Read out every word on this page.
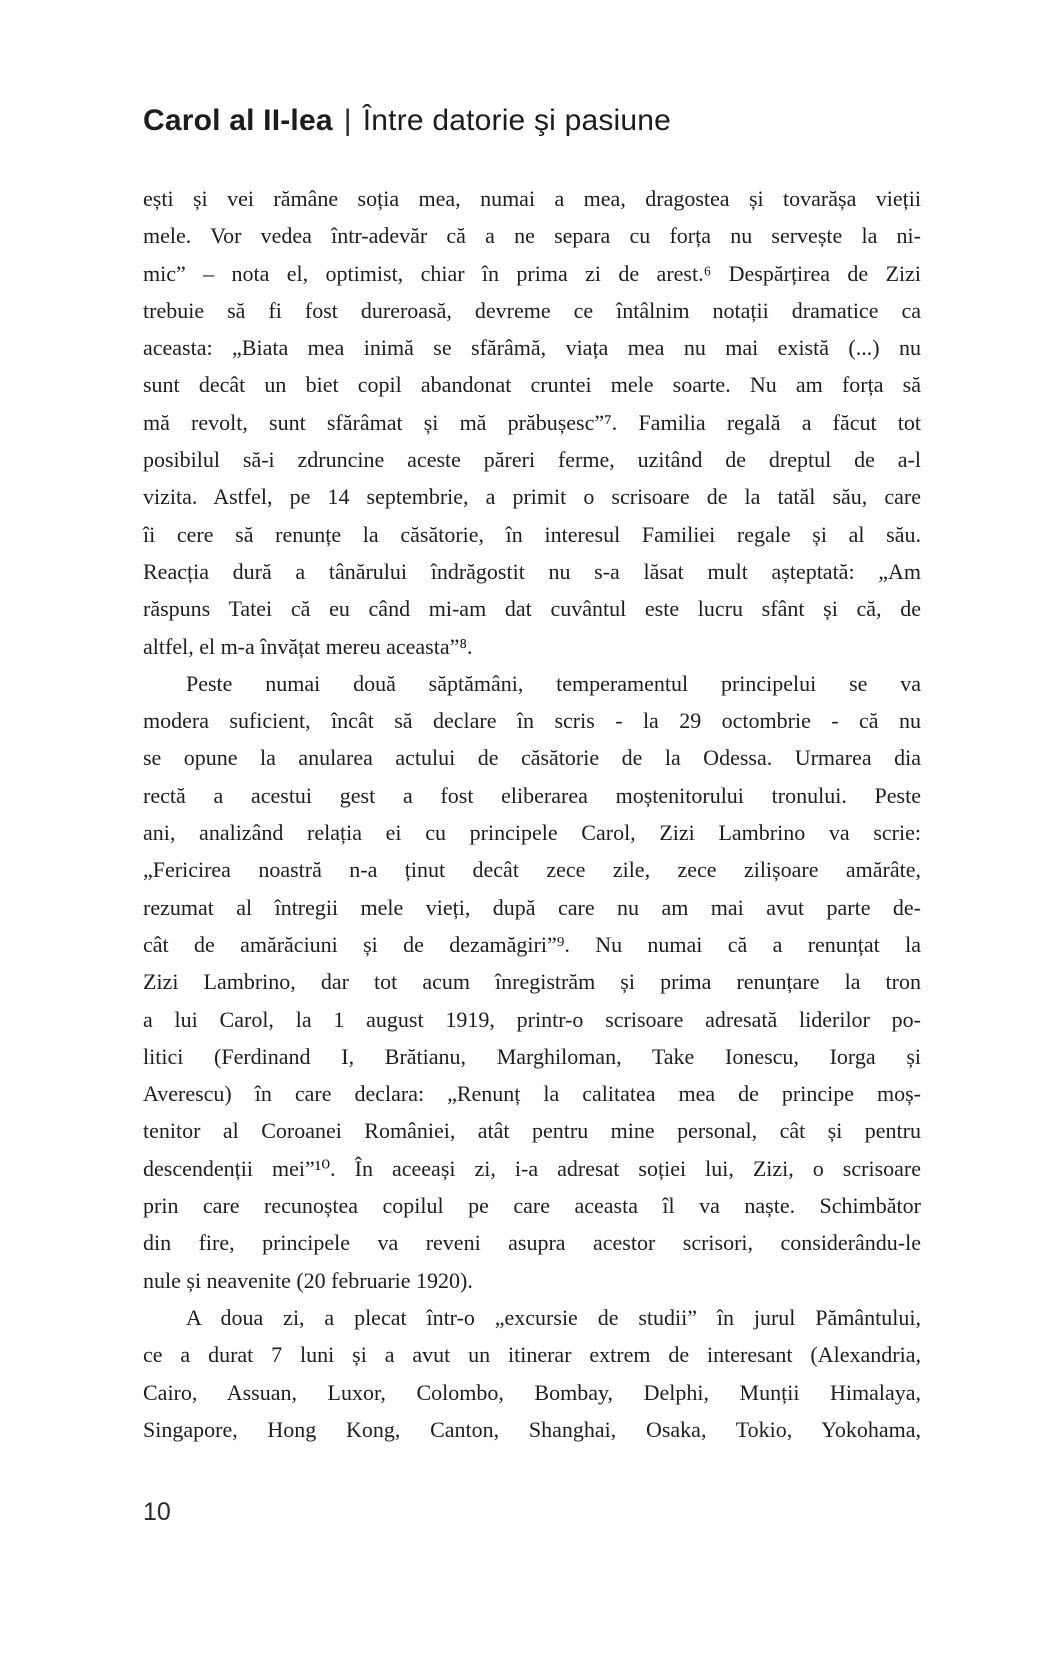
Carol al II-lea | Între datorie şi pasiune
ești și vei rămâne soția mea, numai a mea, dragostea și tovarășa vieții
mele. Vor vedea într-adevăr că a ne separa cu forța nu servește la ni-
mic” – nota el, optimist, chiar în prima zi de arest.⁶ Despărțirea de Zizi
trebuie să fi fost dureroasă, devreme ce întâlnim notații dramatice ca
aceasta: „Biata mea inimă se sfărâmă, viața mea nu mai există (...) nu
sunt decât un biet copil abandonat cruntei mele soarte. Nu am forța să
mă revolt, sunt sfărâmat și mă prăbușesc”⁷. Familia regală a făcut tot
posibilul să-i zdruncine aceste păreri ferme, uzitând de dreptul de a-l
vizita. Astfel, pe 14 septembrie, a primit o scrisoare de la tatăl său, care
îi cere să renunțe la căsătorie, în interesul Familiei regale și al său.
Reacția dură a tânărului îndrăgostit nu s-a lăsat mult așteptată: „Am
răspuns Tatei că eu când mi-am dat cuvântul este lucru sfânt și că, de
altfel, el m-a învățat mereu aceasta”⁸.
Peste numai două săptămâni, temperamentul principelui se va
modera suficient, încât să declare în scris - la 29 octombrie - că nu
se opune la anularea actului de căsătorie de la Odessa. Urmarea dia
rectă a acestui gest a fost eliberarea moștenitorului tronului. Peste
ani, analizând relația ei cu principele Carol, Zizi Lambrino va scrie:
„Fericirea noastră n-a ținut decât zece zile, zece zilișoare amărâte,
rezumat al întregii mele vieți, după care nu am mai avut parte de-
cât de amărăciuni și de dezamăgiri”⁹. Nu numai că a renunțat la
Zizi Lambrino, dar tot acum înregistrăm și prima renunțare la tron
a lui Carol, la 1 august 1919, printr-o scrisoare adresată liderilor po-
litici (Ferdinand I, Brătianu, Marghiloman, Take Ionescu, Iorga și
Averescu) în care declara: „Renunț la calitatea mea de principe moș-
tenitor al Coroanei României, atât pentru mine personal, cât și pentru
descendenții mei”¹⁰. În aceeași zi, i-a adresat soției lui, Zizi, o scrisoare
prin care recunoștea copilul pe care aceasta îl va naște. Schimbător
din fire, principele va reveni asupra acestor scrisori, considerându-le
nule și neavenite (20 februarie 1920).
A doua zi, a plecat într-o „excursie de studii” în jurul Pământului,
ce a durat 7 luni și a avut un itinerar extrem de interesant (Alexandria,
Cairo, Assuan, Luxor, Colombo, Bombay, Delphi, Munții Himalaya,
Singapore, Hong Kong, Canton, Shanghai, Osaka, Tokio, Yokohama,
10
